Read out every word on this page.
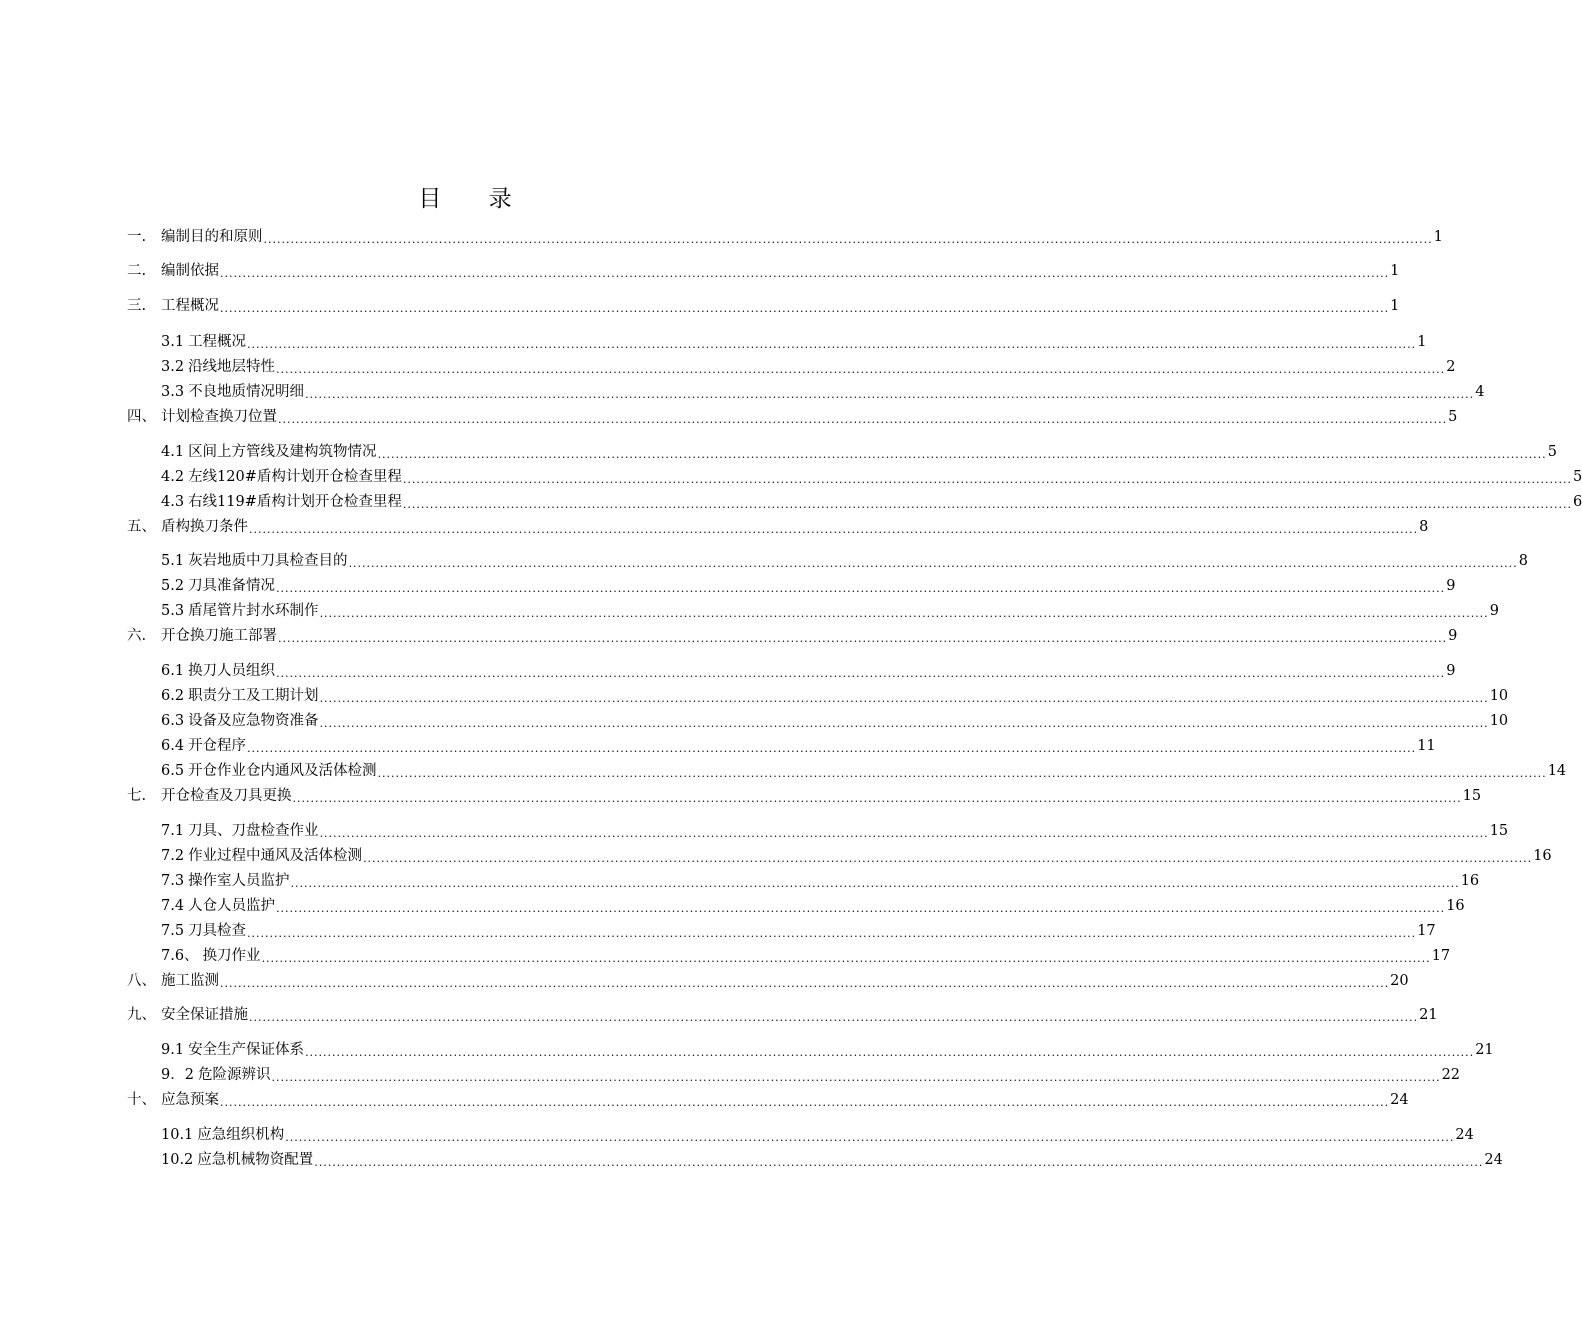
目 录
一.	编制目的和原则 .................................................................................................................................................................................................................................................................... 1
二.	编制依据 .................................................................................................................................................................................................................................................................... 1
三.	工程概况 .................................................................................................................................................................................................................................................................... 1
3.1 工程概况 .................................................................................................................................................................................................................................................................... 1
3.2 沿线地层特性 .................................................................................................................................................................................................................................................................... 2
3.3 不良地质情况明细 .................................................................................................................................................................................................................................................................... 4
四、 计划检查换刀位置 .................................................................................................................................................................................................................................................................... 5
4.1 区间上方管线及建构筑物情况 .................................................................................................................................................................................................................................................................... 5
4.2 左线120#盾构计划开仓检查里程 .................................................................................................................................................................................................................................................................... 5
4.3 右线119#盾构计划开仓检查里程 .................................................................................................................................................................................................................................................................... 6
五、 盾构换刀条件 .................................................................................................................................................................................................................................................................... 8
5.1 灰岩地质中刀具检查目的 .................................................................................................................................................................................................................................................................... 8
5.2 刀具准备情况 .................................................................................................................................................................................................................................................................... 9
5.3 盾尾管片封水环制作 .................................................................................................................................................................................................................................................................... 9
六.	开仓换刀施工部署 .................................................................................................................................................................................................................................................................... 9
6.1 换刀人员组织 .................................................................................................................................................................................................................................................................... 9
6.2 职责分工及工期计划 .................................................................................................................................................................................................................................................................... 10
6.3 设备及应急物资准备 .................................................................................................................................................................................................................................................................... 10
6.4 开仓程序 .................................................................................................................................................................................................................................................................... 11
6.5 开仓作业仓内通风及活体检测 .................................................................................................................................................................................................................................................................... 14
七.	开仓检查及刀具更换 .................................................................................................................................................................................................................................................................... 15
7.1 刀具、刀盘检查作业 .................................................................................................................................................................................................................................................................... 15
7.2 作业过程中通风及活体检测 .................................................................................................................................................................................................................................................................... 16
7.3 操作室人员监护 .................................................................................................................................................................................................................................................................... 16
7.4 人仓人员监护 .................................................................................................................................................................................................................................................................... 16
7.5 刀具检查 .................................................................................................................................................................................................................................................................... 17
7.6、 换刀作业 .................................................................................................................................................................................................................................................................... 17
八、 施工监测 .................................................................................................................................................................................................................................................................... 20
九、 安全保证措施 .................................................................................................................................................................................................................................................................... 21
9.1 安全生产保证体系 .................................................................................................................................................................................................................................................................... 21
9．2 危险源辨识 .................................................................................................................................................................................................................................................................... 22
十、 应急预案 .................................................................................................................................................................................................................................................................... 24
10.1 应急组织机构 .................................................................................................................................................................................................................................................................... 24
10.2 应急机械物资配置 .................................................................................................................................................................................................................................................................... 24
